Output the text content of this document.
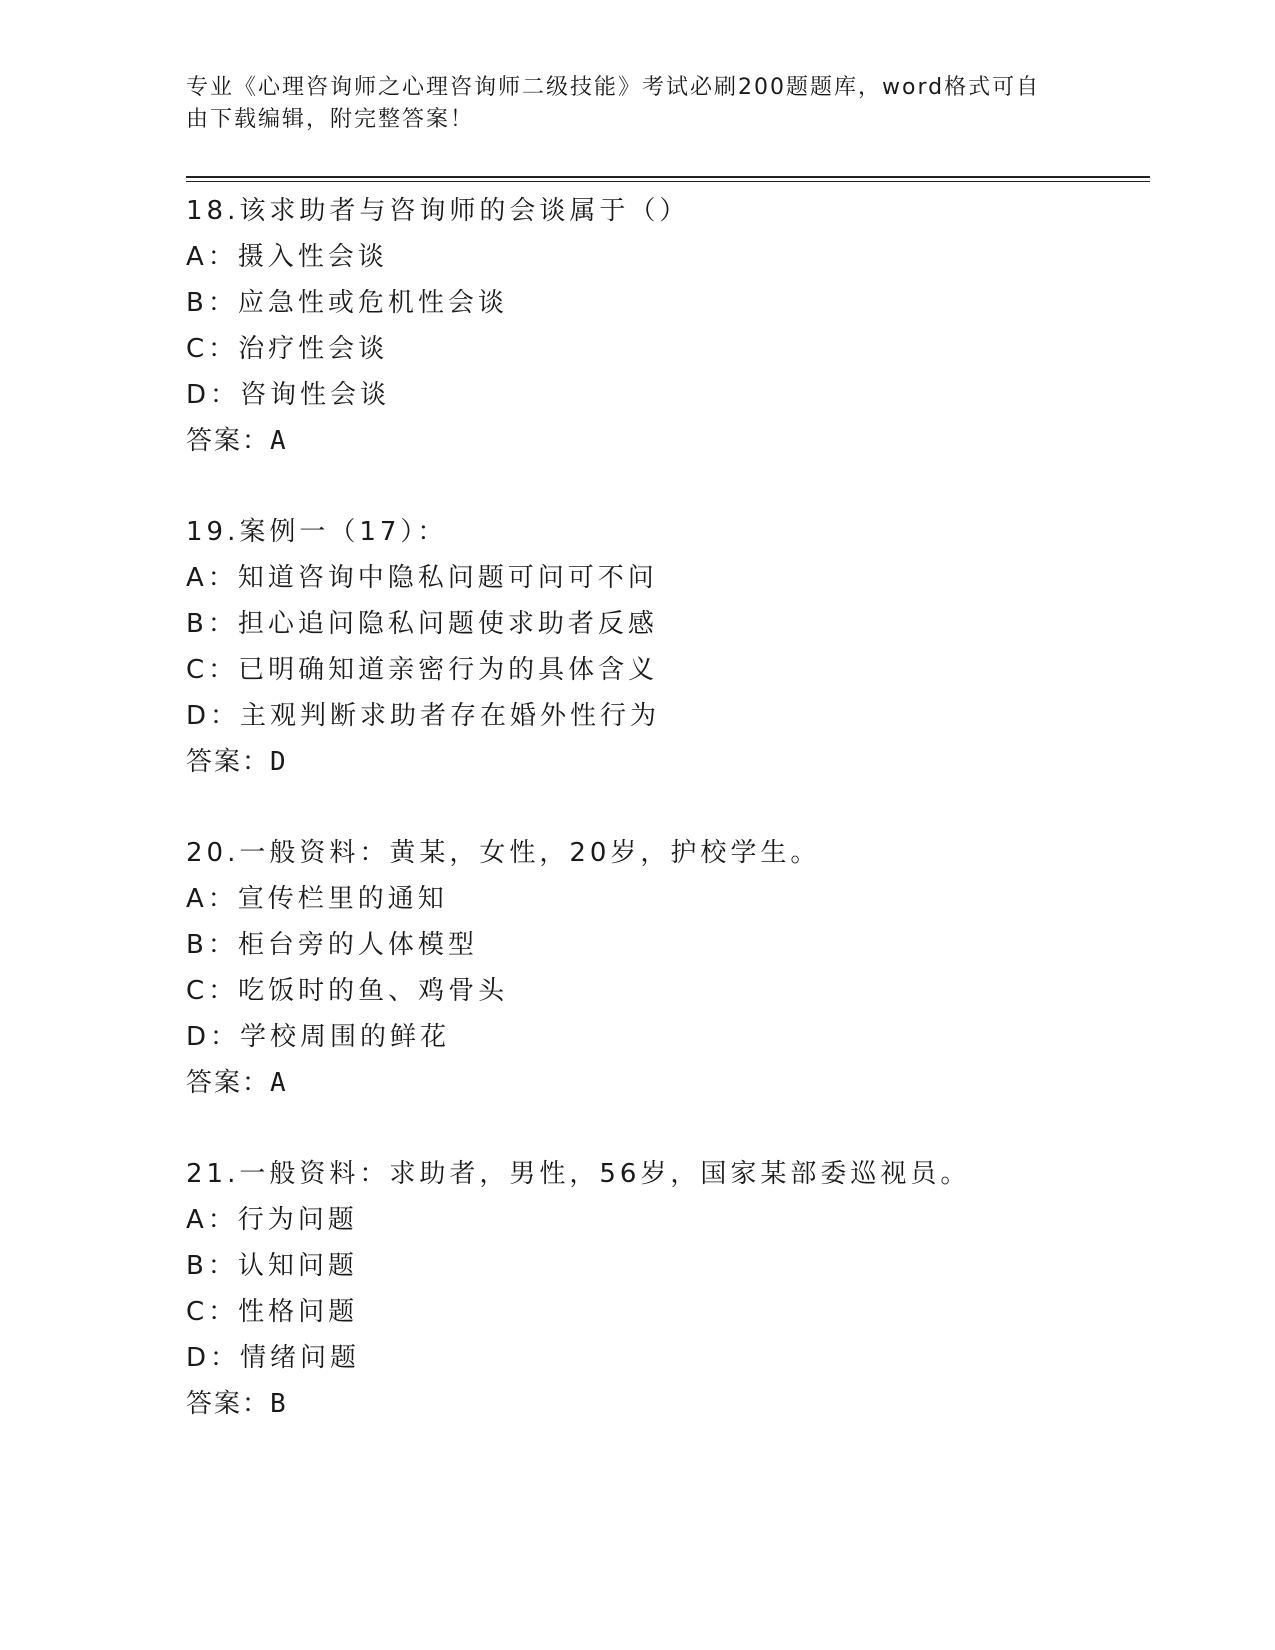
专业《心理咨询师之心理咨询师二级技能》考试必刷200题题库，word格式可自
由下载编辑，附完整答案！
18.该求助者与咨询师的会谈属于（）
A：摄入性会谈
B：应急性或危机性会谈
C：治疗性会谈
D：咨询性会谈
答案：A
19.案例一（17）：
A：知道咨询中隐私问题可问可不问
B：担心追问隐私问题使求助者反感
C：已明确知道亲密行为的具体含义
D：主观判断求助者存在婚外性行为
答案：D
20.一般资料：黄某，女性，20岁，护校学生。
A：宣传栏里的通知
B：柜台旁的人体模型
C：吃饭时的鱼、鸡骨头
D：学校周围的鲜花
答案：A
21.一般资料：求助者，男性，56岁，国家某部委巡视员。
A：行为问题
B：认知问题
C：性格问题
D：情绪问题
答案：B
